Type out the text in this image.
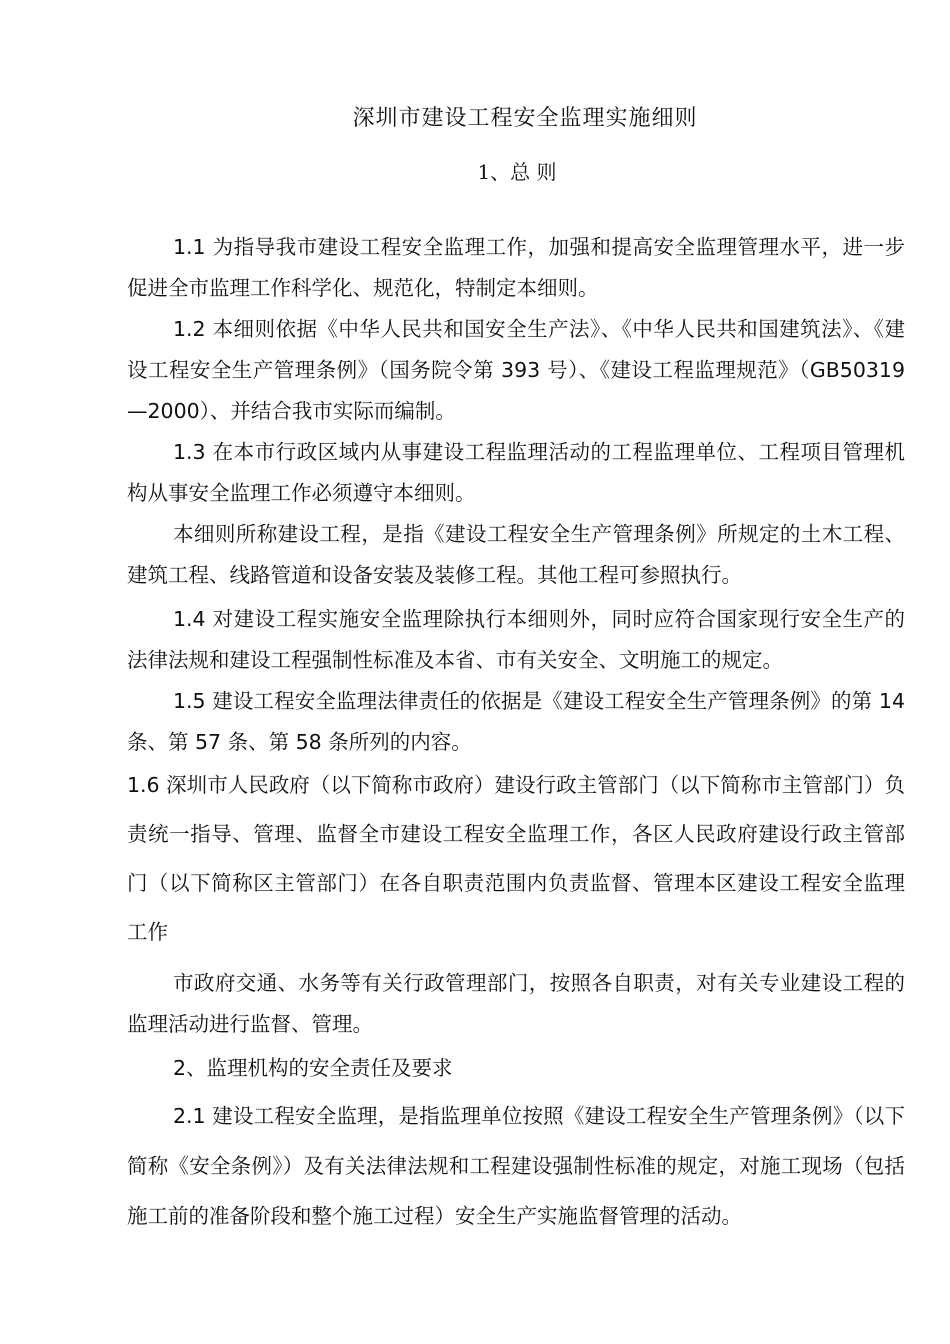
深圳市建设工程安全监理实施细则
1、总 则

1.1 为指导我市建设工程安全监理工作，加强和提高安全监理管理水平，进一步促进全市监理工作科学化、规范化，特制定本细则。

1.2 本细则依据《中华人民共和国安全生产法》、《中华人民共和国建筑法》、《建设工程安全生产管理条例》（国务院令第 393 号）、《建设工程监理规范》（GB50319—2000）、并结合我市实际而编制。

1.3 在本市行政区域内从事建设工程监理活动的工程监理单位、工程项目管理机构从事安全监理工作必须遵守本细则。

本细则所称建设工程，是指《建设工程安全生产管理条例》所规定的土木工程、建筑工程、线路管道和设备安装及装修工程。其他工程可参照执行。

1.4 对建设工程实施安全监理除执行本细则外，同时应符合国家现行安全生产的法律法规和建设工程强制性标准及本省、市有关安全、文明施工的规定。

1.5 建设工程安全监理法律责任的依据是《建设工程安全生产管理条例》的第 14 条、第 57 条、第 58 条所列的内容。

1.6 深圳市人民政府（以下简称市政府）建设行政主管部门（以下简称市主管部门）负责统一指导、管理、监督全市建设工程安全监理工作，各区人民政府建设行政主管部门（以下简称区主管部门）在各自职责范围内负责监督、管理本区建设工程安全监理工作

市政府交通、水务等有关行政管理部门，按照各自职责，对有关专业建设工程的监理活动进行监督、管理。

2、监理机构的安全责任及要求

2.1 建设工程安全监理，是指监理单位按照《建设工程安全生产管理条例》（以下简称《安全条例》）及有关法律法规和工程建设强制性标准的规定，对施工现场（包括施工前的准备阶段和整个施工过程）安全生产实施监督管理的活动。
